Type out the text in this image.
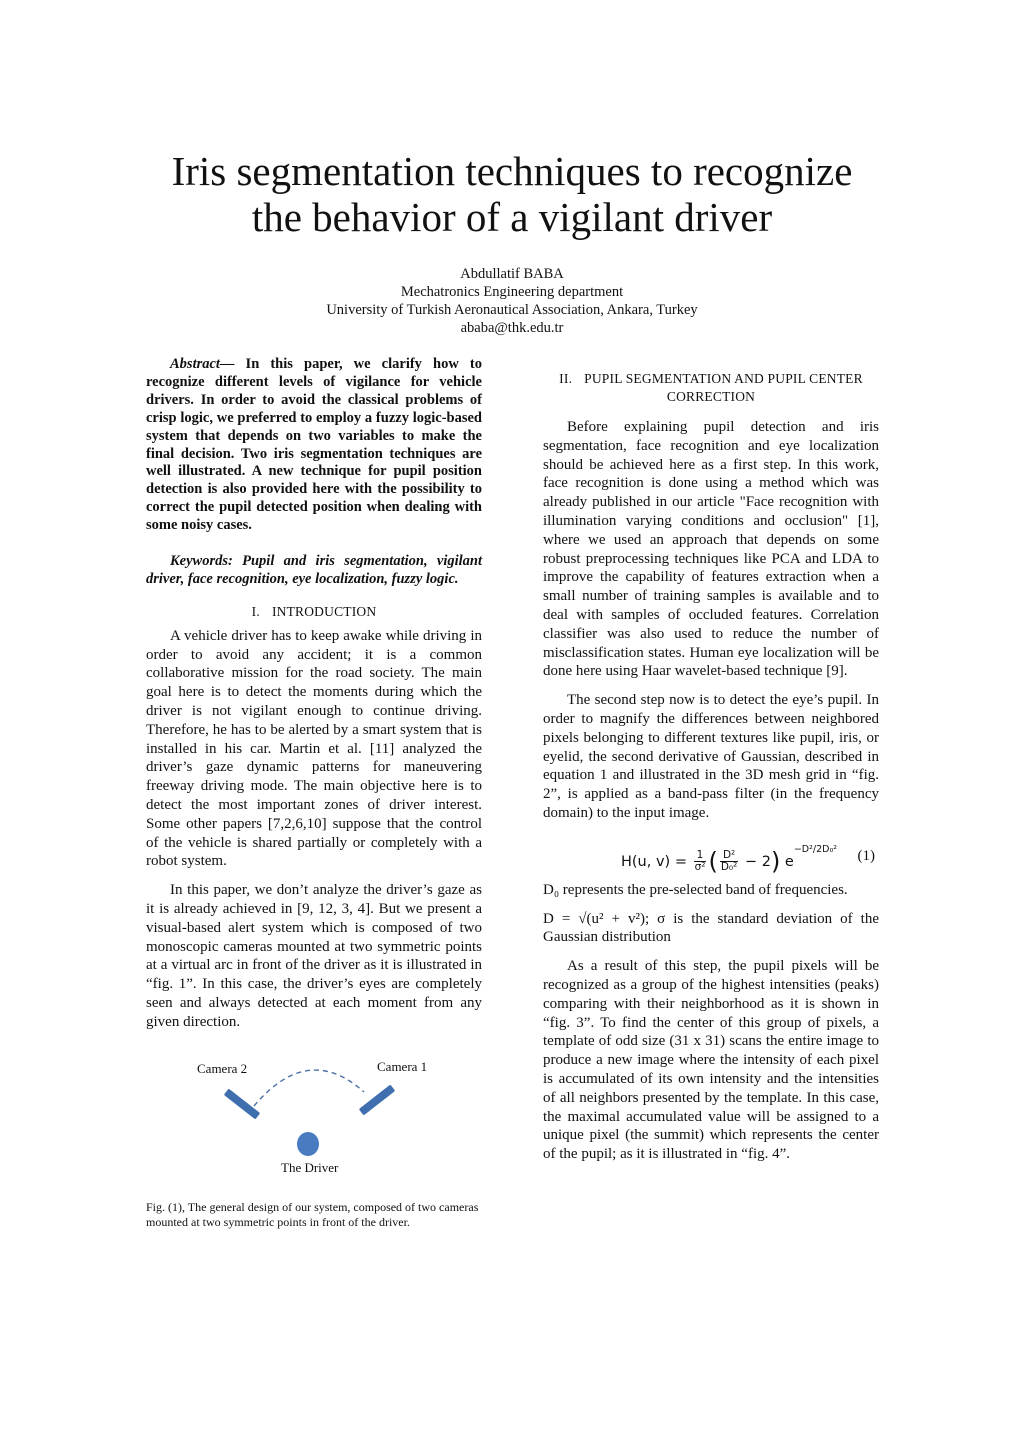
Iris segmentation techniques to recognize
the behavior of a vigilant driver
Abdullatif BABA
Mechatronics Engineering department
University of Turkish Aeronautical Association, Ankara, Turkey
ababa@thk.edu.tr

Abstract— In this paper, we clarify how to recognize different levels of vigilance for vehicle drivers. In order to avoid the classical problems of crisp logic, we preferred to employ a fuzzy logic-based system that depends on two variables to make the final decision. Two iris segmentation techniques are well illustrated. A new technique for pupil position detection is also provided here with the possibility to correct the pupil detected position when dealing with some noisy cases.

Keywords: Pupil and iris segmentation, vigilant driver, face recognition, eye localization, fuzzy logic.

I. INTRODUCTION

A vehicle driver has to keep awake while driving in order to avoid any accident; it is a common collaborative mission for the road society. The main goal here is to detect the moments during which the driver is not vigilant enough to continue driving. Therefore, he has to be alerted by a smart system that is installed in his car. Martin et al. [11] analyzed the driver’s gaze dynamic patterns for maneuvering freeway driving mode. The main objective here is to detect the most important zones of driver interest. Some other papers [7,2,6,10] suppose that the control of the vehicle is shared partially or completely with a robot system.

In this paper, we don’t analyze the driver’s gaze as it is already achieved in [9, 12, 3, 4]. But we present a visual-based alert system which is composed of two monoscopic cameras mounted at two symmetric points at a virtual arc in front of the driver as it is illustrated in “fig. 1”. In this case, the driver’s eyes are completely seen and always detected at each moment from any given direction.

Camera 2	Camera 1
The Driver

Fig. (1), The general design of our system, composed of two cameras mounted at two symmetric points in front of the driver.

II. PUPIL SEGMENTATION AND PUPIL CENTER
CORRECTION

Before explaining pupil detection and iris segmentation, face recognition and eye localization should be achieved here as a first step. In this work, face recognition is done using a method which was already published in our article "Face recognition with illumination varying conditions and occlusion" [1], where we used an approach that depends on some robust preprocessing techniques like PCA and LDA to improve the capability of features extraction when a small number of training samples is available and to deal with samples of occluded features. Correlation classifier was also used to reduce the number of misclassification states. Human eye localization will be done here using Haar wavelet-based technique [9].

The second step now is to detect the eye’s pupil. In order to magnify the differences between neighbored pixels belonging to different textures like pupil, iris, or eyelid, the second derivative of Gaussian, described in equation 1 and illustrated in the 3D mesh grid in “fig. 2”, is applied as a band-pass filter (in the frequency domain) to the input image.

H(u, $v) = \frac{1}{\text{σ²}}$ ( $\frac{\text{D²}}{\text{D₀²}} - 2$) $e^{-D^2/2D_0^2}$ (1)

D₀ represents the pre-selected band of frequencies.

D = √(u² + v²); σ is the standard deviation of the Gaussian distribution

As a result of this step, the pupil pixels will be recognized as a group of the highest intensities (peaks) comparing with their neighborhood as it is shown in “fig. 3”. To find the center of this group of pixels, a template of odd size (31 x 31) scans the entire image to produce a new image where the intensity of each pixel is accumulated of its own intensity and the intensities of all neighbors presented by the template. In this case, the maximal accumulated value will be assigned to a unique pixel (the summit) which represents the center of the pupil; as it is illustrated in “fig. 4”.
